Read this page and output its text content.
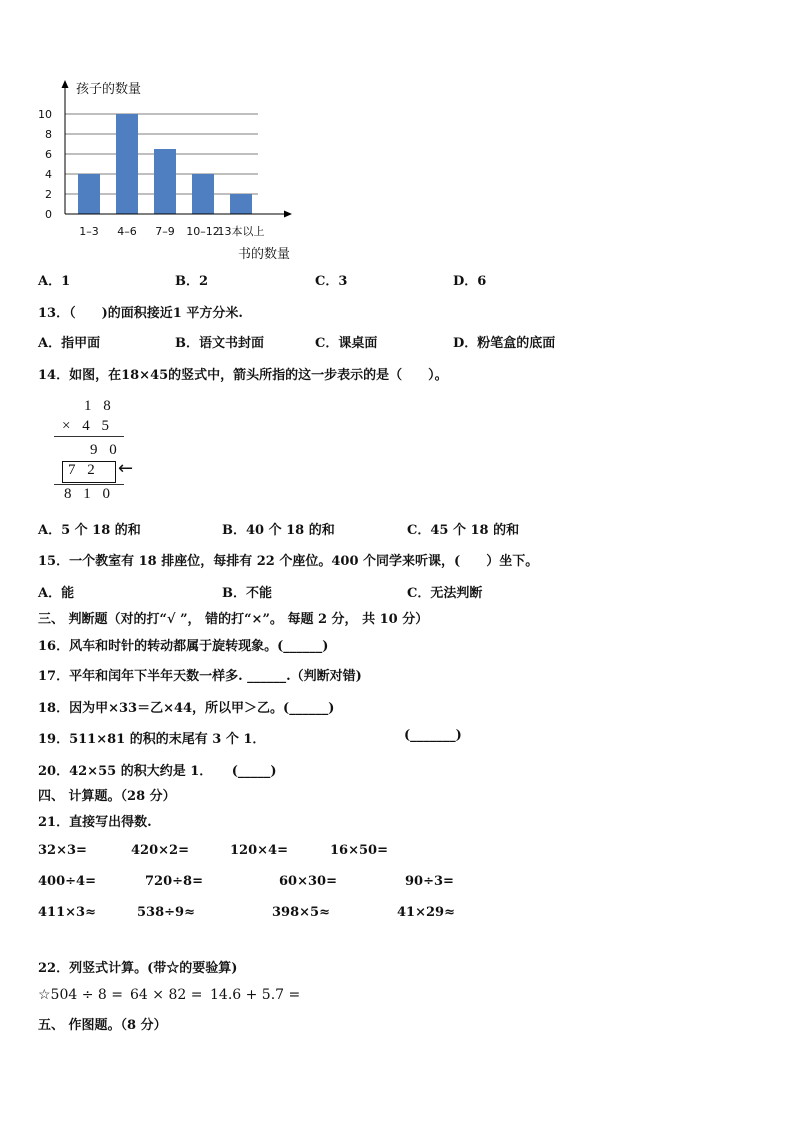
0
2
4
6
8
10
1–3 4–6 7–9 10–12
13本以上
孩子的数量
书的数量
A．1	B．2	C．3	D．6
13．（　　)的面积接近1 平方分米.
A．指甲面	B．语文书封面	C．课桌面	D．粉笔盒的底面
14．如图，在18×45的竖式中，箭头所指的这一步表示的是（　　）。
1 8
× 4 5
9 0
7 2 ←
8 1 0
A．5 个 18 的和	B．40 个 18 的和	C．45 个 18 的和
15．一个教室有 18 排座位，每排有 22 个座位。400 个同学来听课，(　　）坐下。
A．能	B．不能	C．无法判断
三、 判断题（对的打“√ ”， 错的打“×”。 每题 2 分， 共 10 分）
16．风车和时针的转动都属于旋转现象。(______)
17．平年和闰年下半年天数一样多. ______.（判断对错)
18．因为甲×33＝乙×44，所以甲＞乙。(______)
19．511×81 的积的末尾有 3 个 1．	(_______)
20．42×55 的积大约是 1．　　(_____)
四、 计算题。（28 分）
21．直接写出得数.
32×3=	420×2=	120×4=	16×50=
400÷4=	720÷8=	60×30=	90÷3=
411×3≈	538÷9≈	398×5≈	41×29≈
22．列竖式计算。(带☆的要验算)
☆504 ÷ 8 = 64 × 82 = 14.6 + 5.7 =
五、 作图题。（8 分）
